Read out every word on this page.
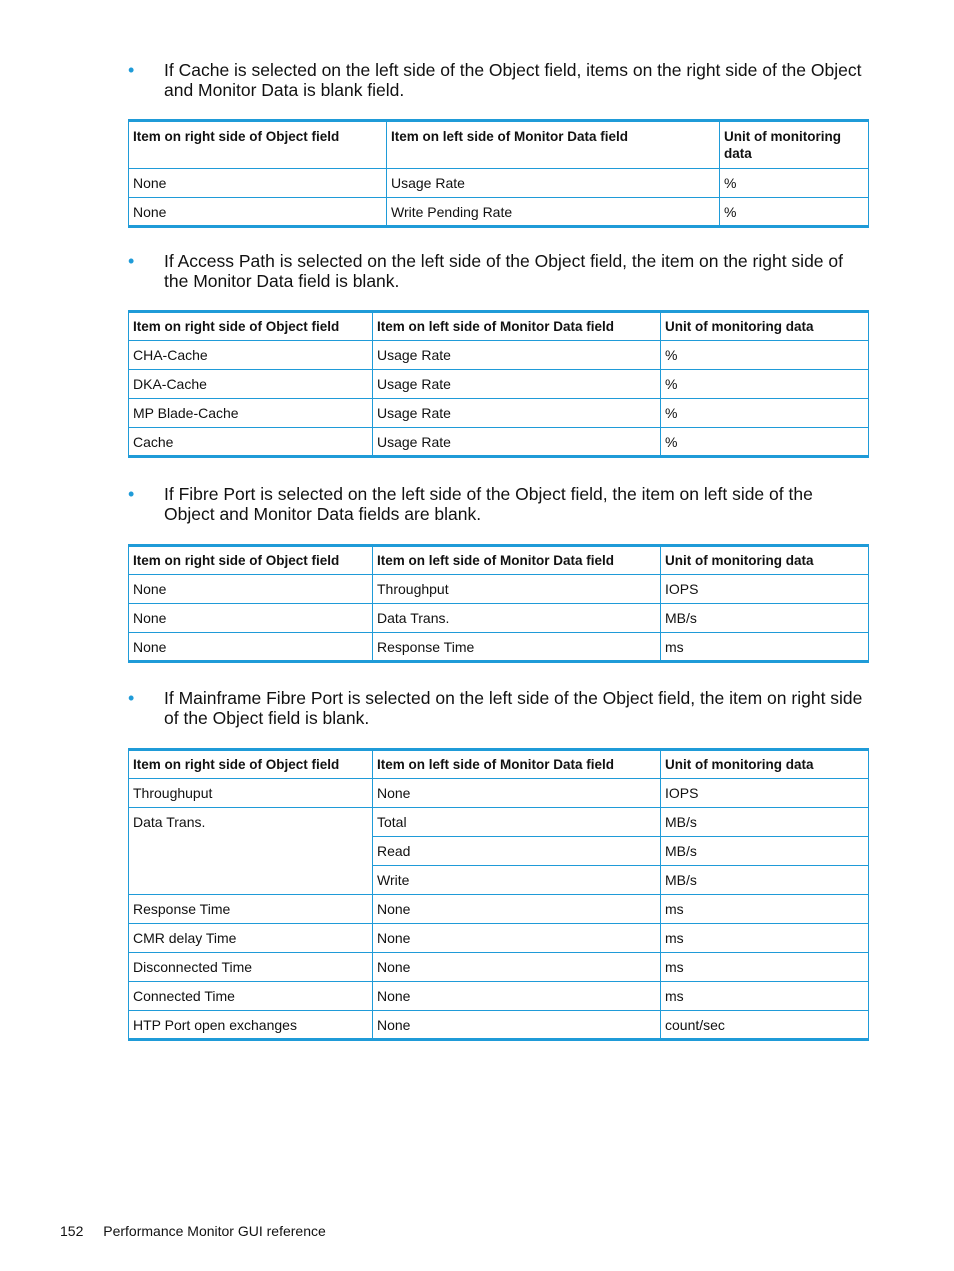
• If Cache is selected on the left side of the Object field, items on the right side of the Object and Monitor Data is blank field.
Item on right side of Object field	Item on left side of Monitor Data field	Unit of monitoring data
None	Usage Rate	%
None	Write Pending Rate	%
• If Access Path is selected on the left side of the Object field, the item on the right side of the Monitor Data field is blank.
Item on right side of Object field	Item on left side of Monitor Data field	Unit of monitoring data
CHA-Cache	Usage Rate	%
DKA-Cache	Usage Rate	%
MP Blade-Cache	Usage Rate	%
Cache	Usage Rate	%
• If Fibre Port is selected on the left side of the Object field, the item on left side of the Object and Monitor Data fields are blank.
Item on right side of Object field	Item on left side of Monitor Data field	Unit of monitoring data
None	Throughput	IOPS
None	Data Trans.	MB/s
None	Response Time	ms
• If Mainframe Fibre Port is selected on the left side of the Object field, the item on right side of the Object field is blank.
Item on right side of Object field	Item on left side of Monitor Data field	Unit of monitoring data
Throughuput	None	IOPS
Data Trans.	Total	MB/s
	Read	MB/s
	Write	MB/s
Response Time	None	ms
CMR delay Time	None	ms
Disconnected Time	None	ms
Connected Time	None	ms
HTP Port open exchanges	None	count/sec
152 Performance Monitor GUI reference
